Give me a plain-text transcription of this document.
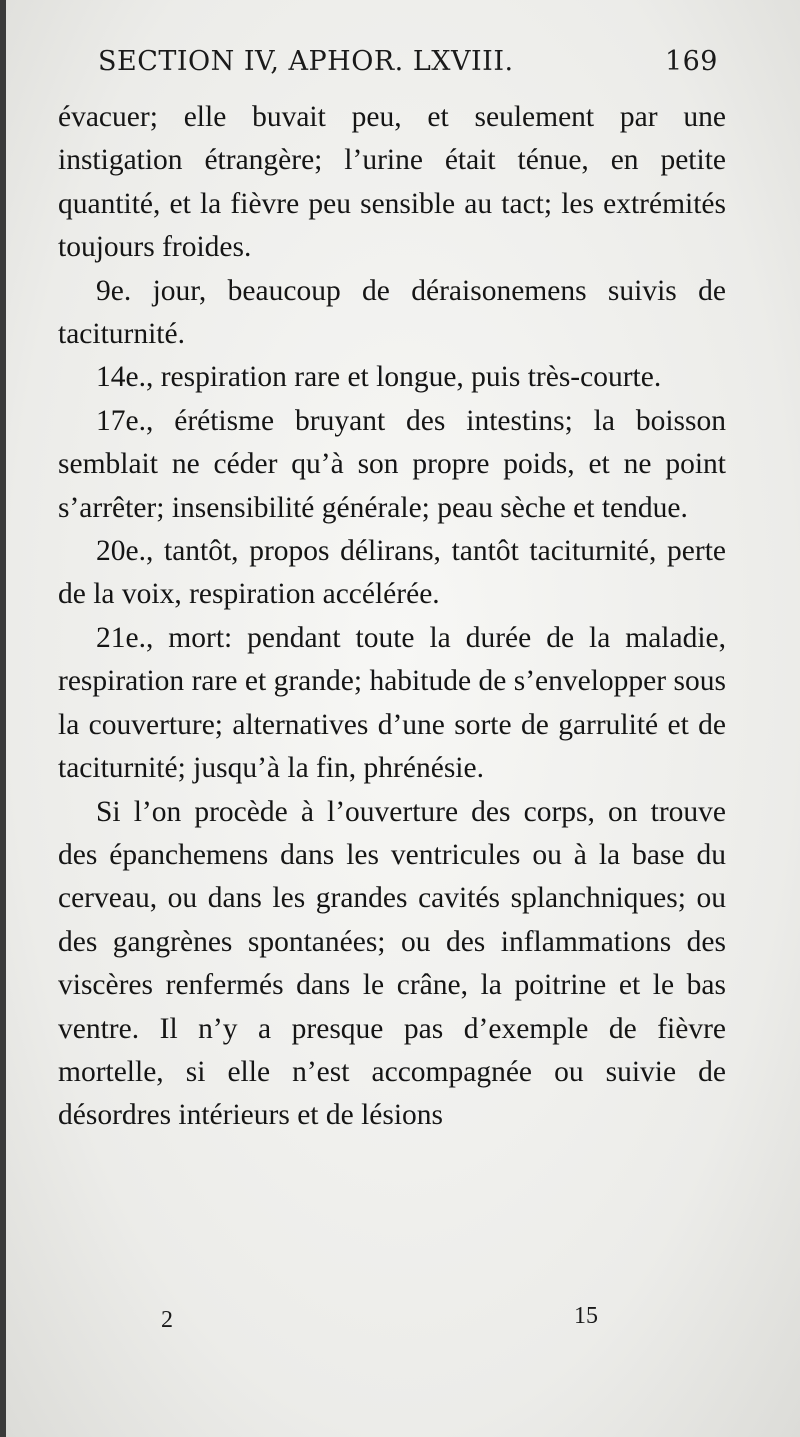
SECTION IV, APHOR. LXVIII.	169

évacuer; elle buvait peu, et seulement par une instigation étrangère; l’urine était ténue, en petite quantité, et la fièvre peu sensible au tact; les extrémités toujours froides.

9e. jour, beaucoup de déraisonemens suivis de taciturnité.

14e., respiration rare et longue, puis très-courte.

17e., érétisme bruyant des intestins; la boisson semblait ne céder qu’à son propre poids, et ne point s’arrêter; insensibilité générale; peau sèche et tendue.

20e., tantôt, propos délirans, tantôt taciturnité, perte de la voix, respiration accélérée.

21e., mort: pendant toute la durée de la maladie, respiration rare et grande; habitude de s’envelopper sous la couverture; alternatives d’une sorte de garrulité et de taciturnité; jusqu’à la fin, phrénésie.

Si l’on procède à l’ouverture des corps, on trouve des épanchemens dans les ventricules ou à la base du cerveau, ou dans les grandes cavités splanchniques; ou des gangrènes spontanées; ou des inflammations des viscères renfermés dans le crâne, la poitrine et le bas ventre. Il n’y a presque pas d’exemple de fièvre mortelle, si elle n’est accompagnée ou suivie de désordres intérieurs et de lésions

2	15
